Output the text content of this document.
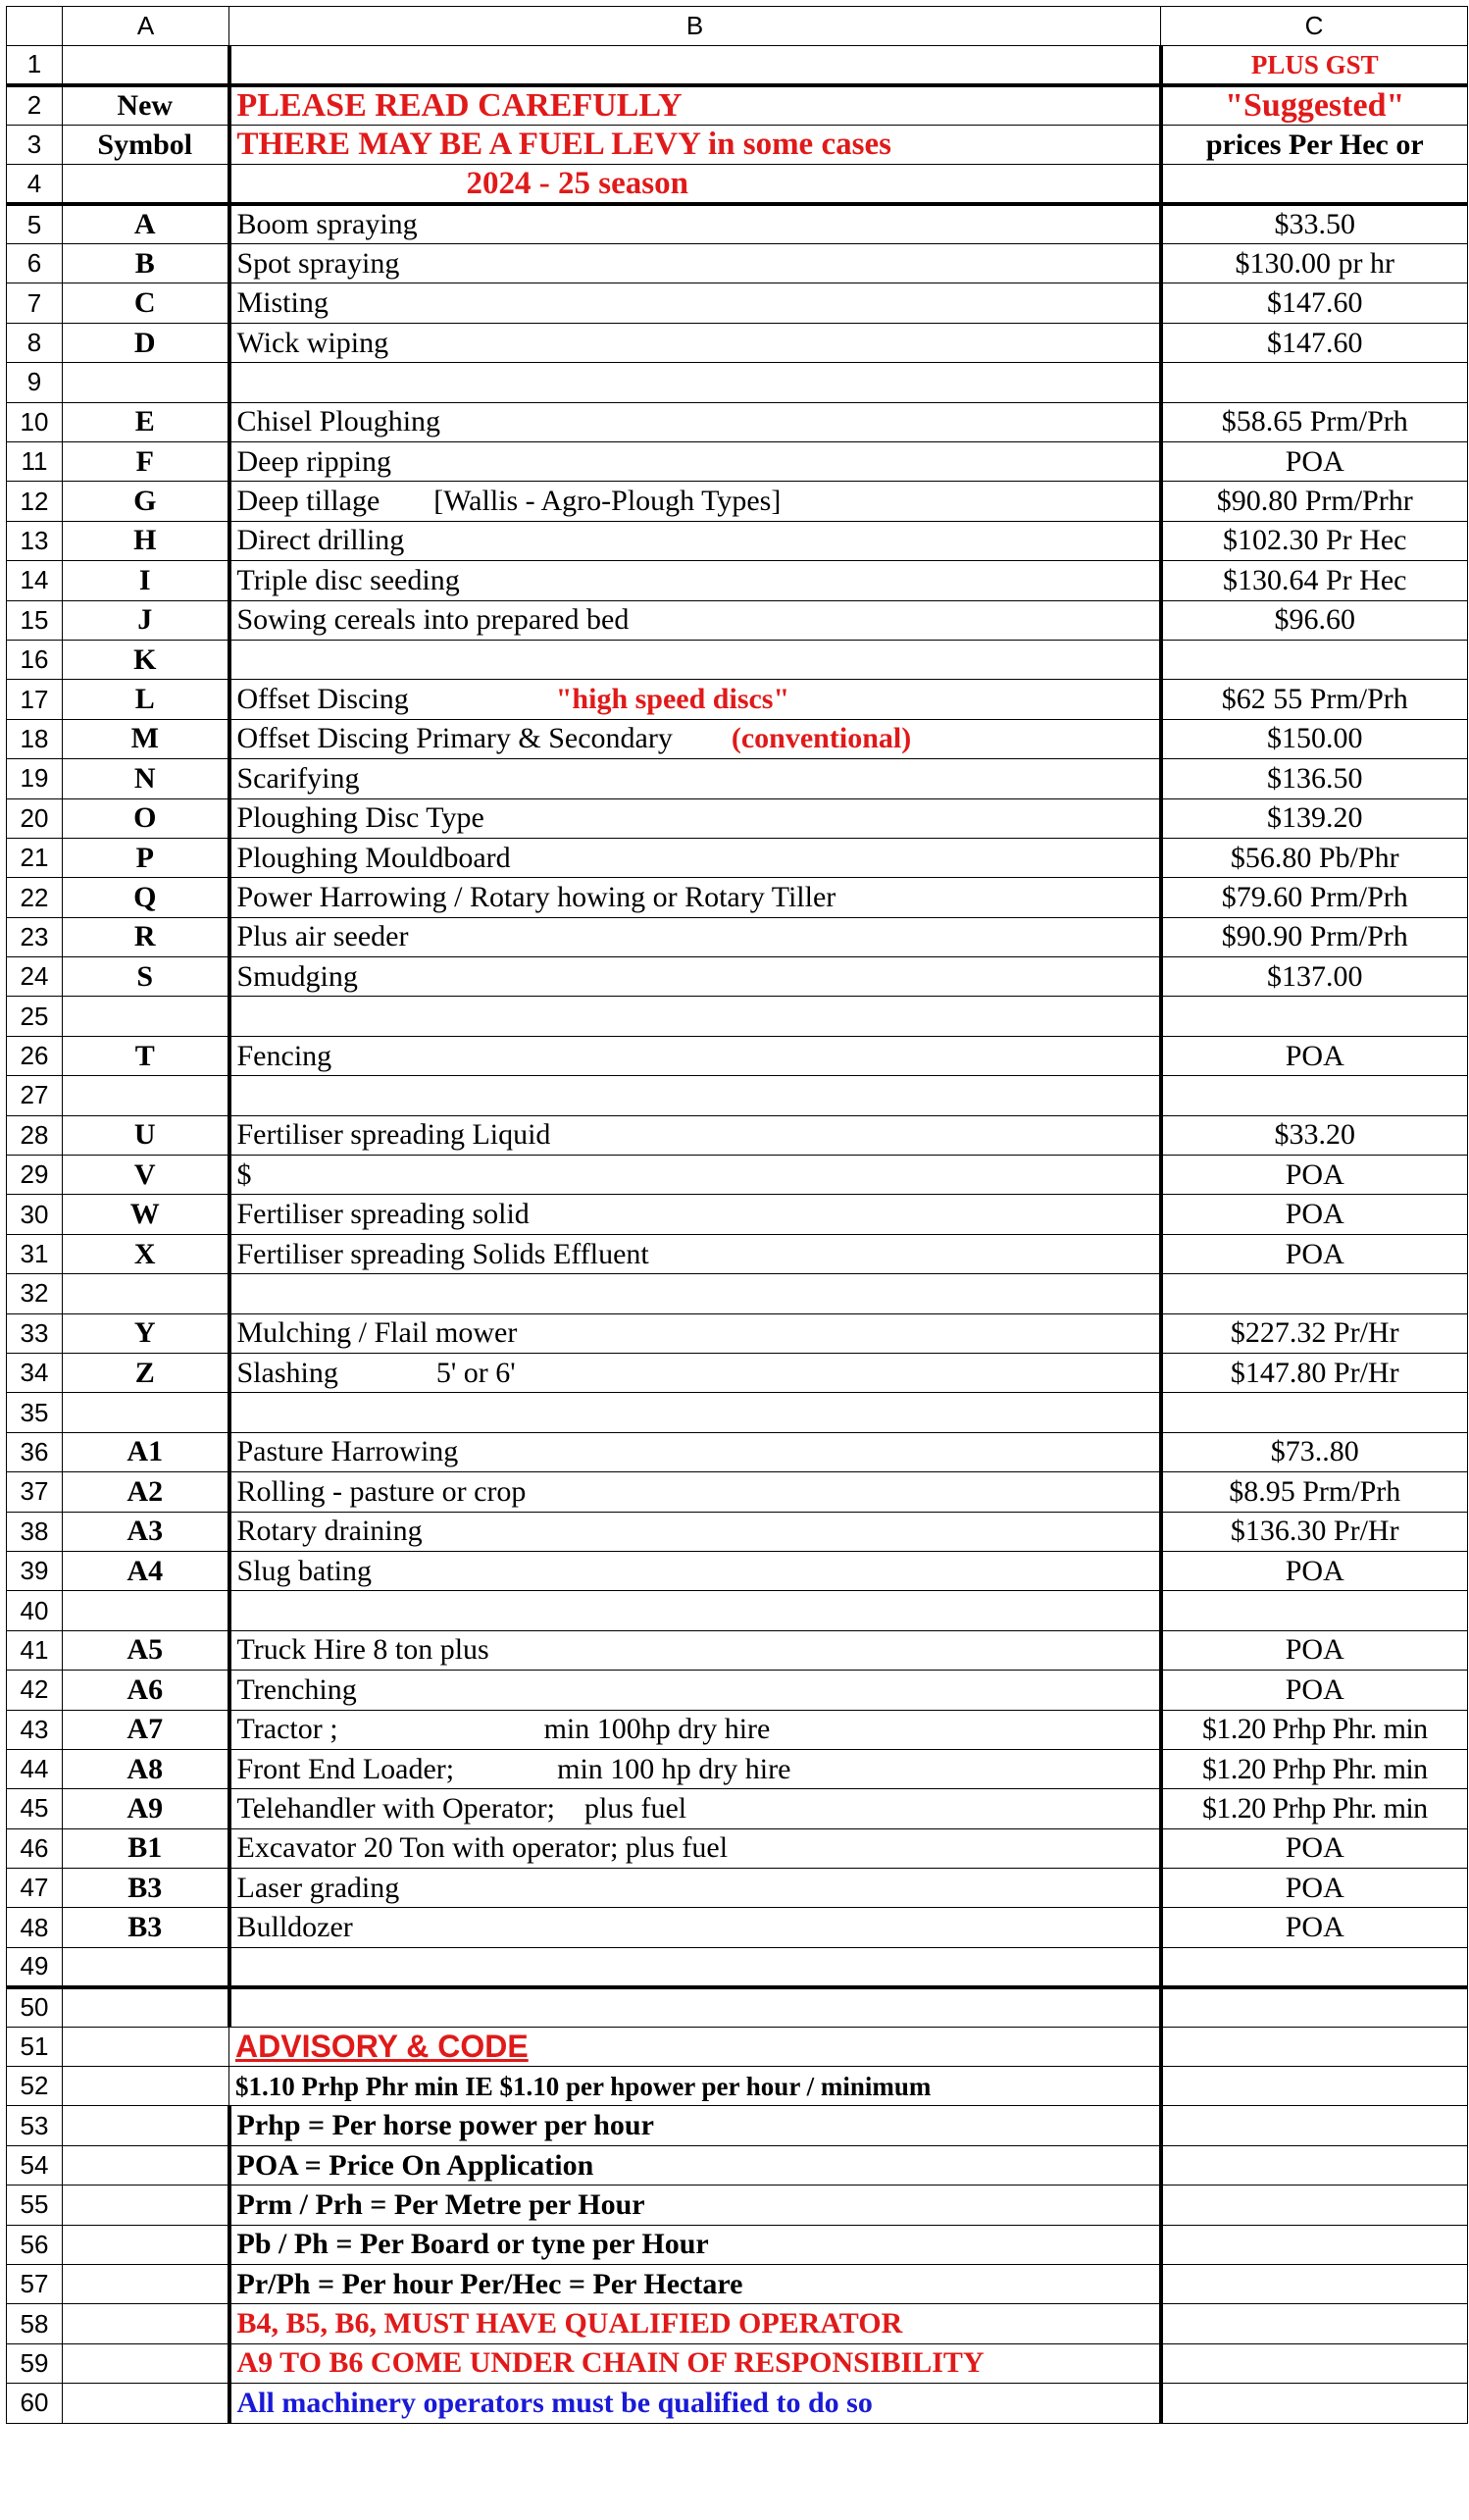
	A	B	C
1			PLUS GST
2	New	PLEASE READ CAREFULLY	"Suggested"
3	Symbol	THERE MAY BE A FUEL LEVY in some cases	prices Per Hec or
4		2024 - 25 season	
5	A	Boom spraying	$33.50
6	B	Spot spraying	$130.00 pr hr
7	C	Misting	$147.60
8	D	Wick wiping	$147.60
9			
10	E	Chisel Ploughing	$58.65 Prm/Prh
11	F	Deep ripping	POA
12	G	Deep tillage [Wallis - Agro-Plough Types]	$90.80 Prm/Prhr
13	H	Direct drilling	$102.30 Pr Hec
14	I	Triple disc seeding	$130.64 Pr Hec
15	J	Sowing cereals into prepared bed	$96.60
16	K		
17	L	Offset Discing "high speed discs"	$62 55 Prm/Prh
18	M	Offset Discing Primary & Secondary (conventional)	$150.00
19	N	Scarifying	$136.50
20	O	Ploughing Disc Type	$139.20
21	P	Ploughing Mouldboard	$56.80 Pb/Phr
22	Q	Power Harrowing / Rotary howing or Rotary Tiller	$79.60 Prm/Prh
23	R	Plus air seeder	$90.90 Prm/Prh
24	S	Smudging	$137.00
25			
26	T	Fencing	POA
27			
28	U	Fertiliser spreading Liquid	$33.20
29	V	$	POA
30	W	Fertiliser spreading solid	POA
31	X	Fertiliser spreading Solids Effluent	POA
32			
33	Y	Mulching / Flail mower	$227.32 Pr/Hr
34	Z	Slashing 5' or 6'	$147.80 Pr/Hr
35			
36	A1	Pasture Harrowing	$73..80
37	A2	Rolling - pasture or crop	$8.95 Prm/Prh
38	A3	Rotary draining	$136.30 Pr/Hr
39	A4	Slug bating	POA
40			
41	A5	Truck Hire 8 ton plus	POA
42	A6	Trenching	POA
43	A7	Tractor ; min 100hp dry hire	$1.20 Prhp Phr. min
44	A8	Front End Loader; min 100 hp dry hire	$1.20 Prhp Phr. min
45	A9	Telehandler with Operator; plus fuel	$1.20 Prhp Phr. min
46	B1	Excavator 20 Ton with operator; plus fuel	POA
47	B3	Laser grading	POA
48	B3	Bulldozer	POA
49			
50			
51		ADVISORY & CODE	
52		$1.10 Prhp Phr min IE $1.10 per hpower per hour / minimum	
53		Prhp = Per horse power per hour	
54		POA = Price On Application	
55		Prm / Prh = Per Metre per Hour	
56		Pb / Ph = Per Board or tyne per Hour	
57		Pr/Ph = Per hour Per/Hec = Per Hectare	
58		B4, B5, B6, MUST HAVE QUALIFIED OPERATOR	
59		A9 TO B6 COME UNDER CHAIN OF RESPONSIBILITY	
60		All machinery operators must be qualified to do so	
